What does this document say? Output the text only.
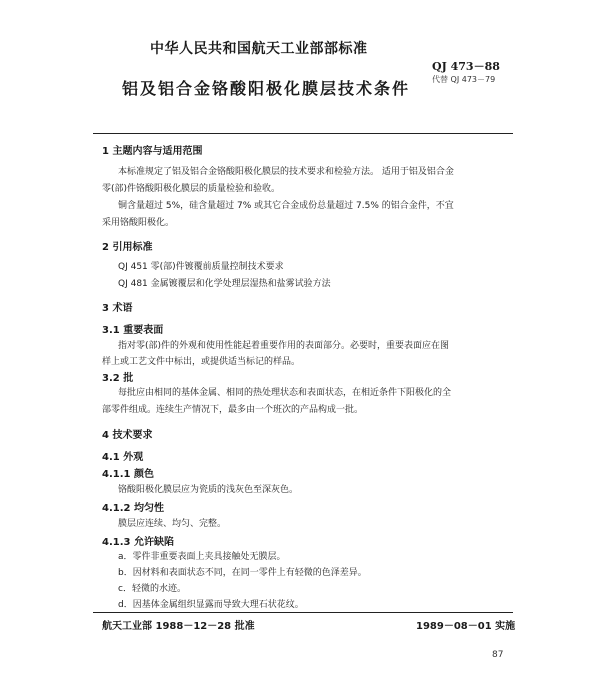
中华人民共和国航天工业部部标准
QJ 473－88
代替 QJ 473－79
铝及铝合金铬酸阳极化膜层技术条件
1 主题内容与适用范围
本标准规定了铝及铝合金铬酸阳极化膜层的技术要求和检验方法。 适用于铝及铝合金
零(部)件铬酸阳极化膜层的质量检验和验收。
铜含量超过 5%，硅含量超过 7% 或其它合金成份总量超过 7.5% 的铝合金件，不宜
采用铬酸阳极化。
2 引用标准
QJ 451 零(部)件镀覆前质量控制技术要求
QJ 481 金属镀覆层和化学处理层湿热和盐雾试验方法
3 术语
3.1 重要表面
指对零(部)件的外观和使用性能起着重要作用的表面部分。必要时，重要表面应在图
样上或工艺文件中标出，或提供适当标记的样品。
3.2 批
每批应由相同的基体金属、相同的热处理状态和表面状态，在相近条件下阳极化的全
部零件组成。连续生产情况下，最多由一个班次的产品构成一批。
4 技术要求
4.1 外观
4.1.1 颜色
铬酸阳极化膜层应为瓷质的浅灰色至深灰色。
4.1.2 均匀性
膜层应连续、均匀、完整。
4.1.3 允许缺陷
a．零件非重要表面上夹具接触处无膜层。
b．因材料和表面状态不同，在同一零件上有轻微的色泽差异。
c．轻微的水迹。
d．因基体金属组织显露而导致大理石状花纹。
航天工业部 1988－12－28 批准	1989－08－01 实施
87
